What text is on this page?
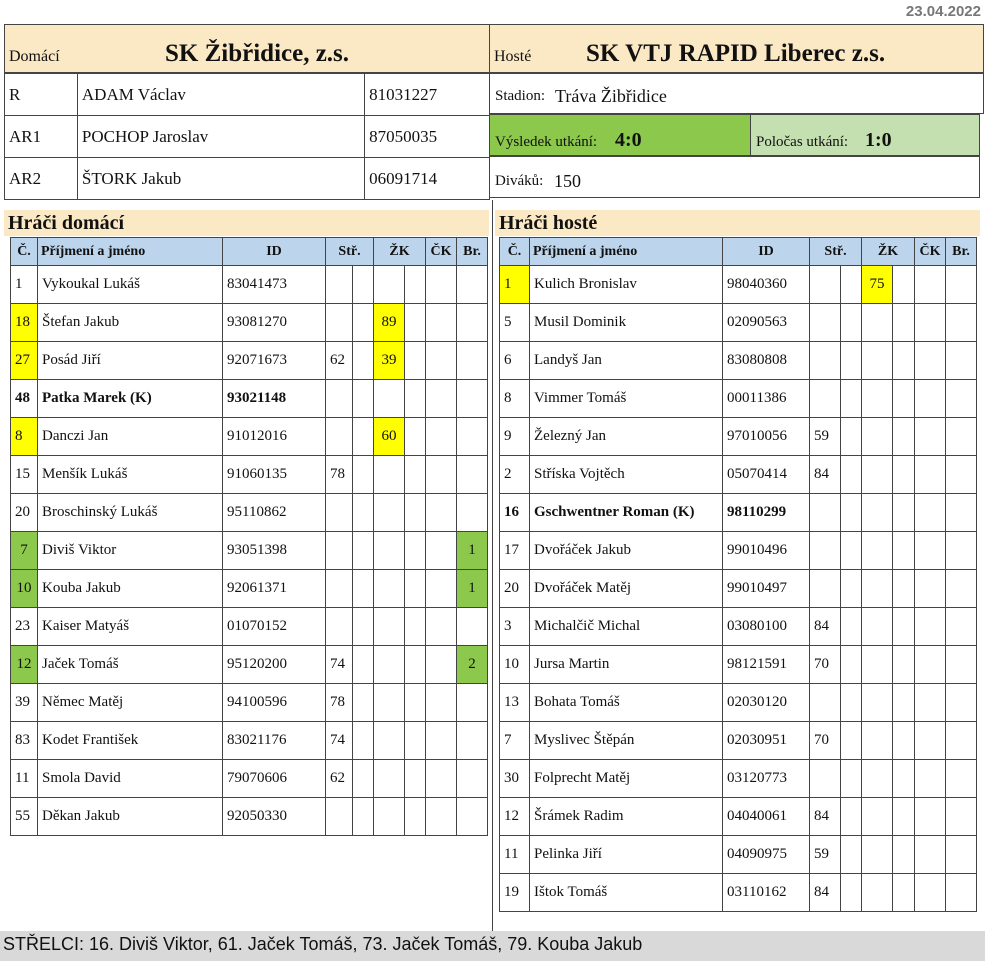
23.04.2022
Domácí	SK Žibřidice, z.s.	Hosté SK VTJ RAPID Liberec z.s.
R	ADAM Václav	81031227
AR1	POCHOP Jaroslav	87050035
AR2	ŠTORK Jakub	06091714
Stadion: Tráva Žibřidice
Výsledek utkání: 4:0	Poločas utkání: 1:0
Diváků: 150
Hráči domácí	Hráči hosté
Č.	Příjmení a jméno	ID	Stř.		ŽK		ČK	Br.
1	Vykoukal Lukáš	83041473						
18	Štefan Jakub	93081270			89			
27	Posád Jiří	92071673	62		39			
48	Patka Marek (K)	93021148						
8	Danczi Jan	91012016			60			
15	Menšík Lukáš	91060135	78					
20	Broschinský Lukáš	95110862						
7	Diviš Viktor	93051398						1
10	Kouba Jakub	92061371						1
23	Kaiser Matyáš	01070152						
12	Jaček Tomáš	95120200	74					2
39	Němec Matěj	94100596	78					
83	Kodet František	83021176	74					
11	Smola David	79070606	62					
55	Děkan Jakub	92050330						
Č.	Příjmení a jméno	ID	Stř.		ŽK		ČK	Br.
1	Kulich Bronislav	98040360			75			
5	Musil Dominik	02090563						
6	Landyš Jan	83080808						
8	Vimmer Tomáš	00011386						
9	Železný Jan	97010056	59					
2	Stříska Vojtěch	05070414	84					
16	Gschwentner Roman (K)	98110299						
17	Dvořáček Jakub	99010496						
20	Dvořáček Matěj	99010497						
3	Michalčič Michal	03080100	84					
10	Jursa Martin	98121591	70					
13	Bohata Tomáš	02030120						
7	Myslivec Štěpán	02030951	70					
30	Folprecht Matěj	03120773						
12	Šrámek Radim	04040061	84					
11	Pelinka Jiří	04090975	59					
19	Ištok Tomáš	03110162	84					
STŘELCI: 16. Diviš Viktor, 61. Jaček Tomáš, 73. Jaček Tomáš, 79. Kouba Jakub
